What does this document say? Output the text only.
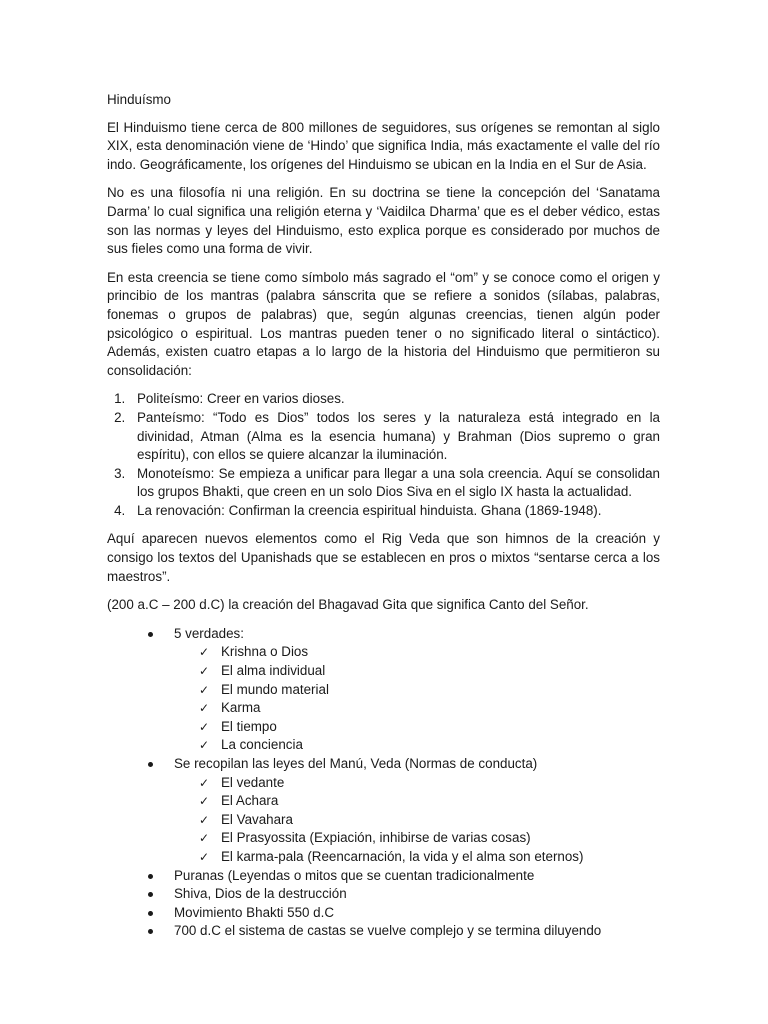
Hinduísmo

El Hinduismo tiene cerca de 800 millones de seguidores, sus orígenes se remontan al siglo XIX, esta denominación viene de ‘Hindo’ que significa India, más exactamente el valle del río indo. Geográficamente, los orígenes del Hinduismo se ubican en la India en el Sur de Asia.

No es una filosofía ni una religión. En su doctrina se tiene la concepción del ‘Sanatama Darma’ lo cual significa una religión eterna y ‘Vaidilca Dharma’ que es el deber védico, estas son las normas y leyes del Hinduismo, esto explica porque es considerado por muchos de sus fieles como una forma de vivir.

En esta creencia se tiene como símbolo más sagrado el “om” y se conoce como el origen y princibio de los mantras (palabra sánscrita que se refiere a sonidos (sílabas, palabras, fonemas o grupos de palabras) que, según algunas creencias, tienen algún poder psicológico o espiritual. Los mantras pueden tener o no significado literal o sintáctico). Además, existen cuatro etapas a lo largo de la historia del Hinduismo que permitieron su consolidación:

1. Politeísmo: Creer en varios dioses.
2. Panteísmo: “Todo es Dios” todos los seres y la naturaleza está integrado en la divinidad, Atman (Alma es la esencia humana) y Brahman (Dios supremo o gran espíritu), con ellos se quiere alcanzar la iluminación.
3. Monoteísmo: Se empieza a unificar para llegar a una sola creencia. Aquí se consolidan los grupos Bhakti, que creen en un solo Dios Siva en el siglo IX hasta la actualidad.
4. La renovación: Confirman la creencia espiritual hinduista. Ghana (1869-1948).

Aquí aparecen nuevos elementos como el Rig Veda que son himnos de la creación y consigo los textos del Upanishads que se establecen en pros o mixtos “sentarse cerca a los maestros”.

(200 a.C – 200 d.C) la creación del Bhagavad Gita que significa Canto del Señor.

5 verdades:
✓ Krishna o Dios
✓ El alma individual
✓ El mundo material
✓ Karma
✓ El tiempo
✓ La conciencia
Se recopilan las leyes del Manú, Veda (Normas de conducta)
✓ El vedante
✓ El Achara
✓ El Vavahara
✓ El Prasyossita (Expiación, inhibirse de varias cosas)
✓ El karma-pala (Reencarnación, la vida y el alma son eternos)
Puranas (Leyendas o mitos que se cuentan tradicionalmente
Shiva, Dios de la destrucción
Movimiento Bhakti 550 d.C
700 d.C el sistema de castas se vuelve complejo y se termina diluyendo
